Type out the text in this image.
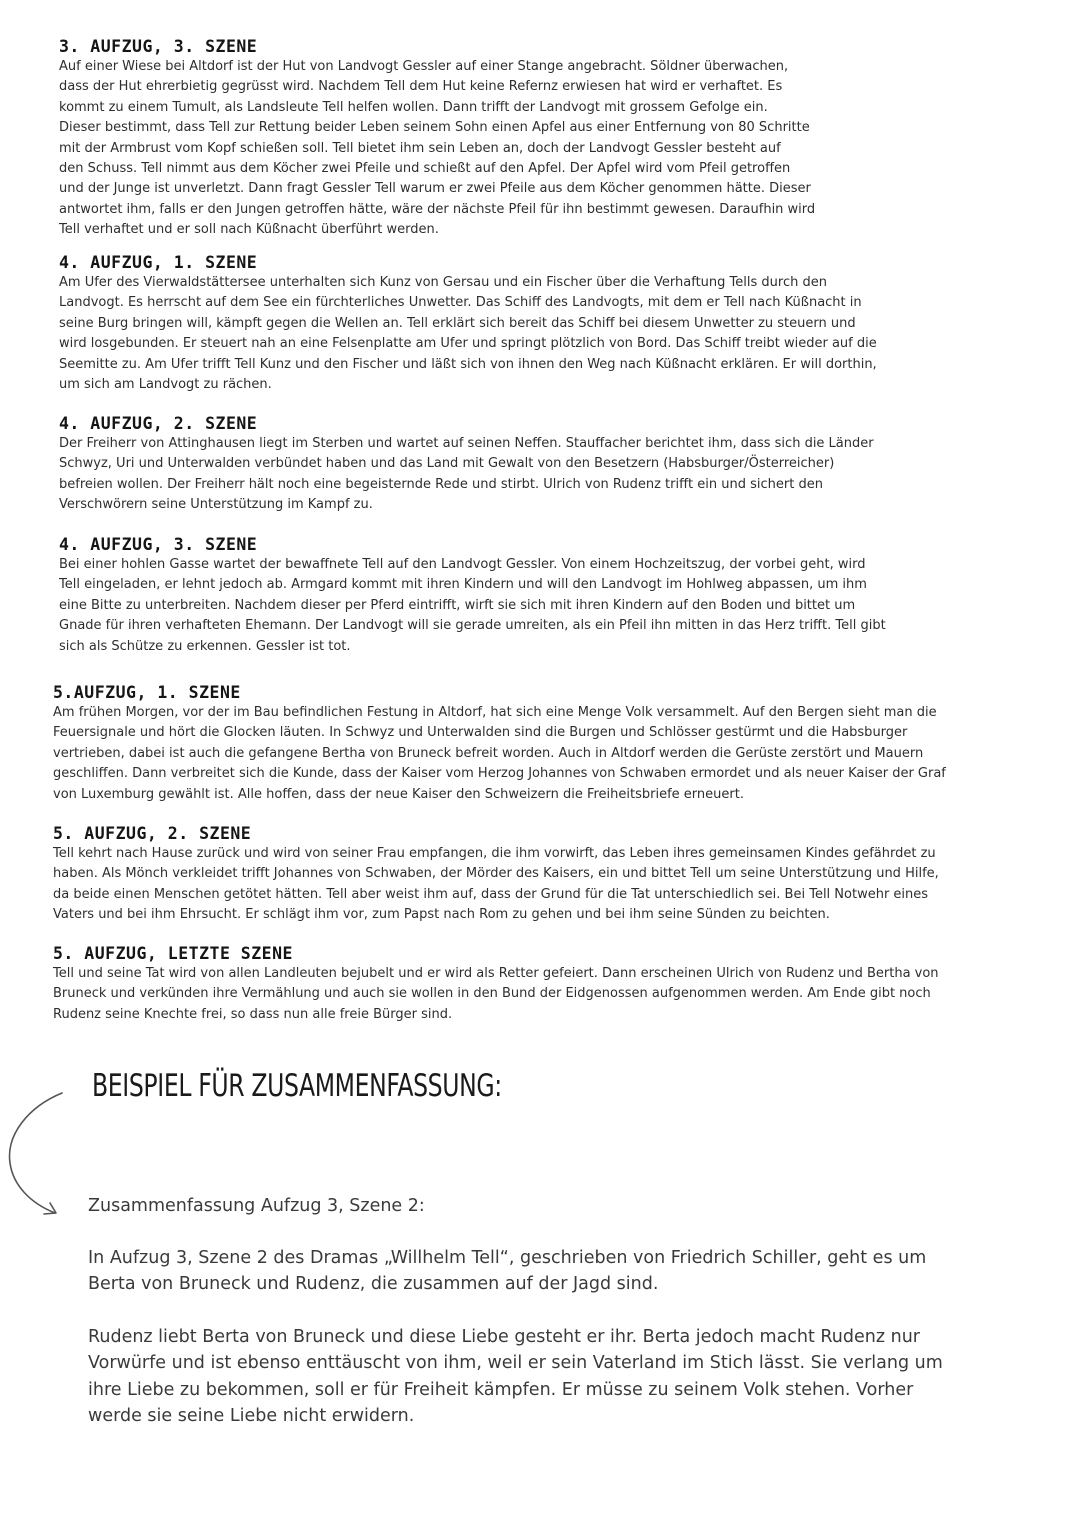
3. AUFZUG, 3. SZENE

Auf einer Wiese bei Altdorf ist der Hut von Landvogt Gessler auf einer Stange angebracht. Söldner überwachen,
dass der Hut ehrerbietig gegrüsst wird. Nachdem Tell dem Hut keine Refernz erwiesen hat wird er verhaftet. Es
kommt zu einem Tumult, als Landsleute Tell helfen wollen. Dann trifft der Landvogt mit grossem Gefolge ein.
Dieser bestimmt, dass Tell zur Rettung beider Leben seinem Sohn einen Apfel aus einer Entfernung von 80 Schritte
mit der Armbrust vom Kopf schießen soll. Tell bietet ihm sein Leben an, doch der Landvogt Gessler besteht auf
den Schuss. Tell nimmt aus dem Köcher zwei Pfeile und schießt auf den Apfel. Der Apfel wird vom Pfeil getroffen
und der Junge ist unverletzt. Dann fragt Gessler Tell warum er zwei Pfeile aus dem Köcher genommen hätte. Dieser
antwortet ihm, falls er den Jungen getroffen hätte, wäre der nächste Pfeil für ihn bestimmt gewesen. Daraufhin wird
Tell verhaftet und er soll nach Küßnacht überführt werden.

4. AUFZUG, 1. SZENE

Am Ufer des Vierwaldstättersee unterhalten sich Kunz von Gersau und ein Fischer über die Verhaftung Tells durch den
Landvogt. Es herrscht auf dem See ein fürchterliches Unwetter. Das Schiff des Landvogts, mit dem er Tell nach Küßnacht in
seine Burg bringen will, kämpft gegen die Wellen an. Tell erklärt sich bereit das Schiff bei diesem Unwetter zu steuern und
wird losgebunden. Er steuert nah an eine Felsenplatte am Ufer und springt plötzlich von Bord. Das Schiff treibt wieder auf die
Seemitte zu. Am Ufer trifft Tell Kunz und den Fischer und läßt sich von ihnen den Weg nach Küßnacht erklären. Er will dorthin,
um sich am Landvogt zu rächen.

4. AUFZUG, 2. SZENE

Der Freiherr von Attinghausen liegt im Sterben und wartet auf seinen Neffen. Stauffacher berichtet ihm, dass sich die Länder
Schwyz, Uri und Unterwalden verbündet haben und das Land mit Gewalt von den Besetzern (Habsburger/Österreicher)
befreien wollen. Der Freiherr hält noch eine begeisternde Rede und stirbt. Ulrich von Rudenz trifft ein und sichert den
Verschwörern seine Unterstützung im Kampf zu.

4. AUFZUG, 3. SZENE

Bei einer hohlen Gasse wartet der bewaffnete Tell auf den Landvogt Gessler. Von einem Hochzeitszug, der vorbei geht, wird
Tell eingeladen, er lehnt jedoch ab. Armgard kommt mit ihren Kindern und will den Landvogt im Hohlweg abpassen, um ihm
eine Bitte zu unterbreiten. Nachdem dieser per Pferd eintrifft, wirft sie sich mit ihren Kindern auf den Boden und bittet um
Gnade für ihren verhafteten Ehemann. Der Landvogt will sie gerade umreiten, als ein Pfeil ihn mitten in das Herz trifft. Tell gibt
sich als Schütze zu erkennen. Gessler ist tot.

5.AUFZUG, 1. SZENE

Am frühen Morgen, vor der im Bau befindlichen Festung in Altdorf, hat sich eine Menge Volk versammelt. Auf den Bergen sieht man die
Feuersignale und hört die Glocken läuten. In Schwyz und Unterwalden sind die Burgen und Schlösser gestürmt und die Habsburger
vertrieben, dabei ist auch die gefangene Bertha von Bruneck befreit worden. Auch in Altdorf werden die Gerüste zerstört und Mauern
geschliffen. Dann verbreitet sich die Kunde, dass der Kaiser vom Herzog Johannes von Schwaben ermordet und als neuer Kaiser der Graf
von Luxemburg gewählt ist. Alle hoffen, dass der neue Kaiser den Schweizern die Freiheitsbriefe erneuert.

5. AUFZUG, 2. SZENE

Tell kehrt nach Hause zurück und wird von seiner Frau empfangen, die ihm vorwirft, das Leben ihres gemeinsamen Kindes gefährdet zu
haben. Als Mönch verkleidet trifft Johannes von Schwaben, der Mörder des Kaisers, ein und bittet Tell um seine Unterstützung und Hilfe,
da beide einen Menschen getötet hätten. Tell aber weist ihm auf, dass der Grund für die Tat unterschiedlich sei. Bei Tell Notwehr eines
Vaters und bei ihm Ehrsucht. Er schlägt ihm vor, zum Papst nach Rom zu gehen und bei ihm seine Sünden zu beichten.

5. AUFZUG, LETZTE SZENE

Tell und seine Tat wird von allen Landleuten bejubelt und er wird als Retter gefeiert. Dann erscheinen Ulrich von Rudenz und Bertha von
Bruneck und verkünden ihre Vermählung und auch sie wollen in den Bund der Eidgenossen aufgenommen werden. Am Ende gibt noch
Rudenz seine Knechte frei, so dass nun alle freie Bürger sind.

BEISPIEL FÜR ZUSAMMENFASSUNG:

Zusammenfassung Aufzug 3, Szene 2:

In Aufzug 3, Szene 2 des Dramas „Willhelm Tell“, geschrieben von Friedrich Schiller, geht es um
Berta von Bruneck und Rudenz, die zusammen auf der Jagd sind.

Rudenz liebt Berta von Bruneck und diese Liebe gesteht er ihr. Berta jedoch macht Rudenz nur
Vorwürfe und ist ebenso enttäuscht von ihm, weil er sein Vaterland im Stich lässt. Sie verlang um
ihre Liebe zu bekommen, soll er für Freiheit kämpfen. Er müsse zu seinem Volk stehen. Vorher
werde sie seine Liebe nicht erwidern.
